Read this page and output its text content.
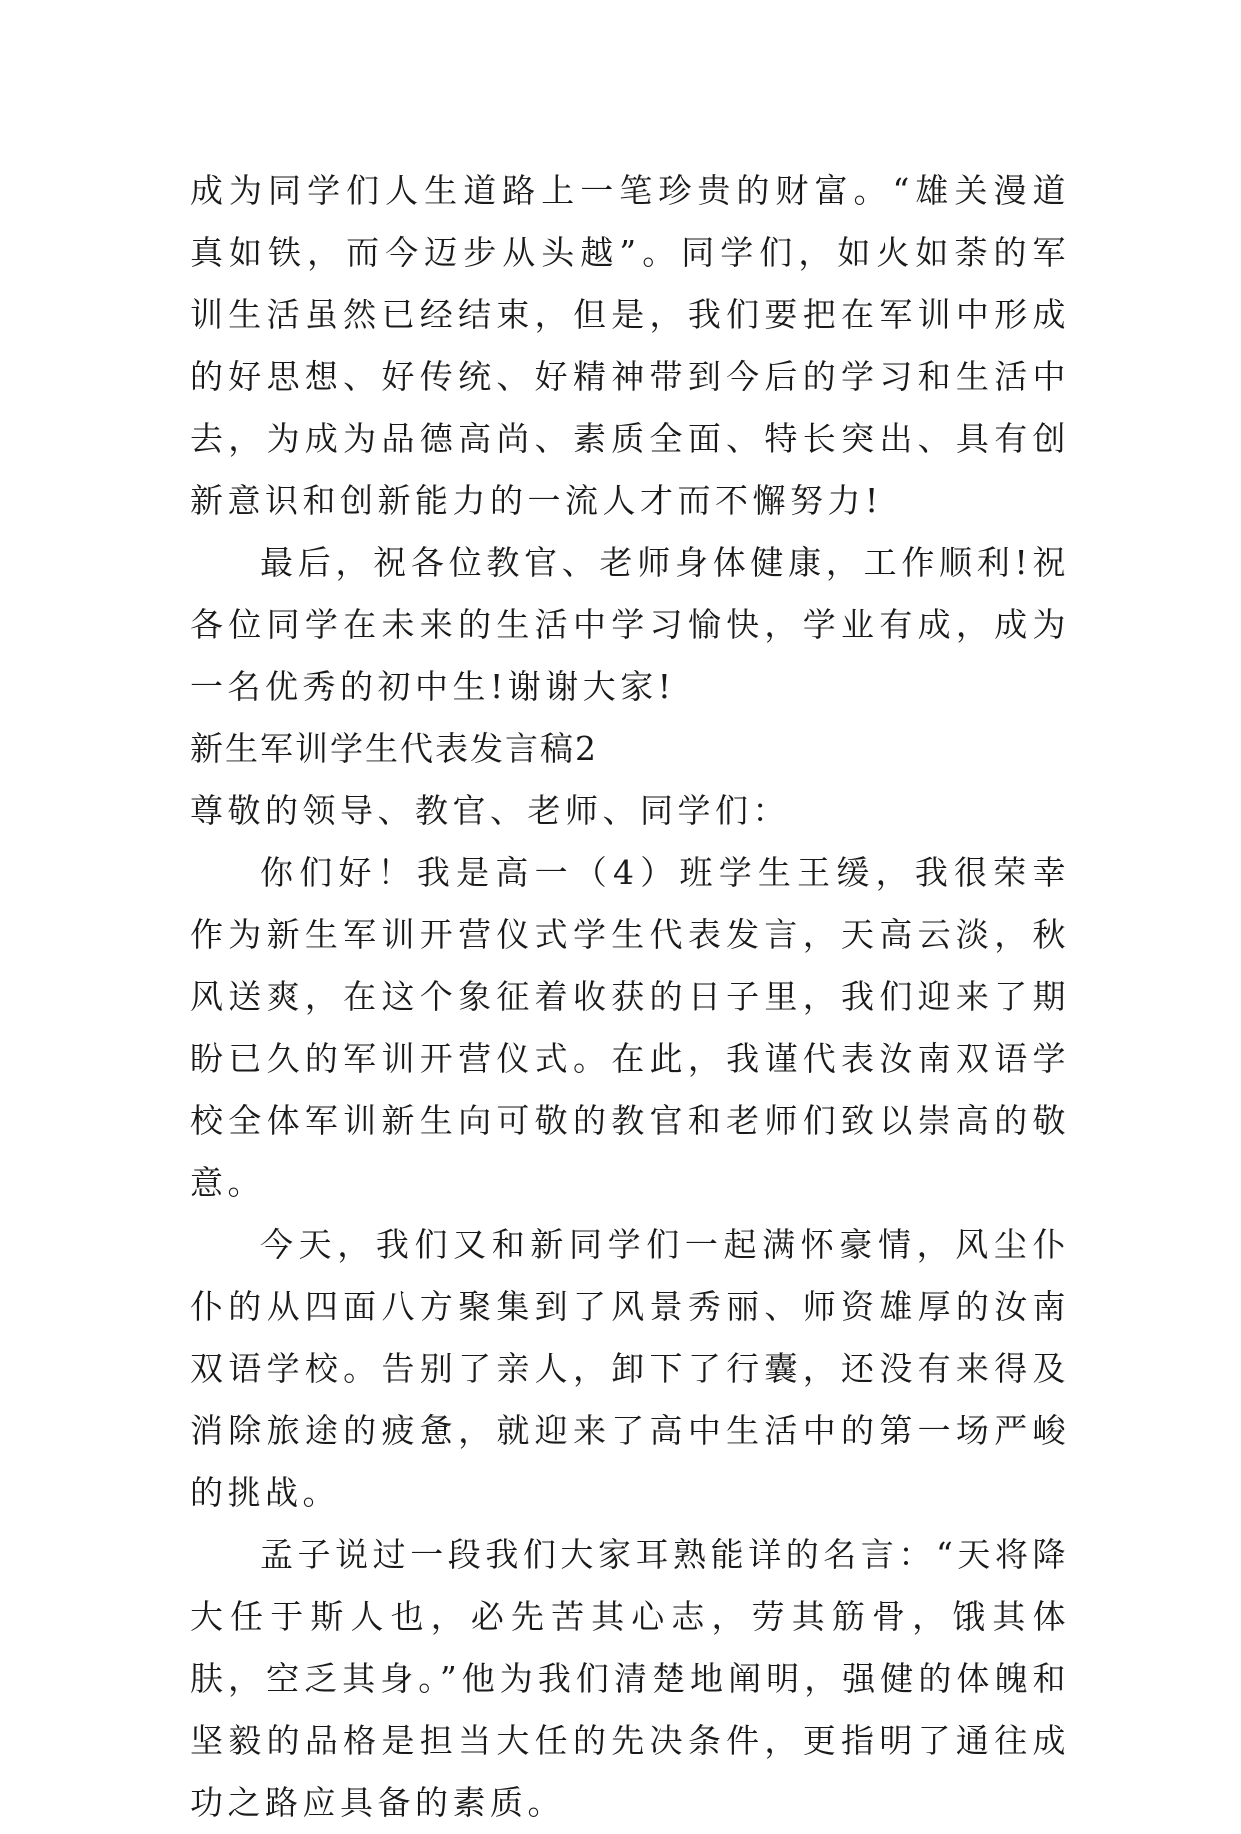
成为同学们人生道路上一笔珍贵的财富。“雄关漫道真如铁，而今迈步从头越”。同学们，如火如荼的军训生活虽然已经结束，但是，我们要把在军训中形成的好思想、好传统、好精神带到今后的学习和生活中去，为成为品德高尚、素质全面、特长突出、具有创新意识和创新能力的一流人才而不懈努力!

最后，祝各位教官、老师身体健康，工作顺利!祝各位同学在未来的生活中学习愉快，学业有成，成为一名优秀的初中生!谢谢大家!

新生军训学生代表发言稿2

尊敬的领导、教官、老师、同学们：

你们好！我是高一（4）班学生王缓，我很荣幸作为新生军训开营仪式学生代表发言，天高云淡，秋风送爽，在这个象征着收获的日子里，我们迎来了期盼已久的军训开营仪式。在此，我谨代表汝南双语学校全体军训新生向可敬的教官和老师们致以崇高的敬意。

今天，我们又和新同学们一起满怀豪情，风尘仆仆的从四面八方聚集到了风景秀丽、师资雄厚的汝南双语学校。告别了亲人，卸下了行囊，还没有来得及消除旅途的疲惫，就迎来了高中生活中的第一场严峻的挑战。

孟子说过一段我们大家耳熟能详的名言：“天将降大任于斯人也，必先苦其心志，劳其筋骨，饿其体肤，空乏其身。”他为我们清楚地阐明，强健的体魄和坚毅的品格是担当大任的先决条件，更指明了通往成功之路应具备的素质。
